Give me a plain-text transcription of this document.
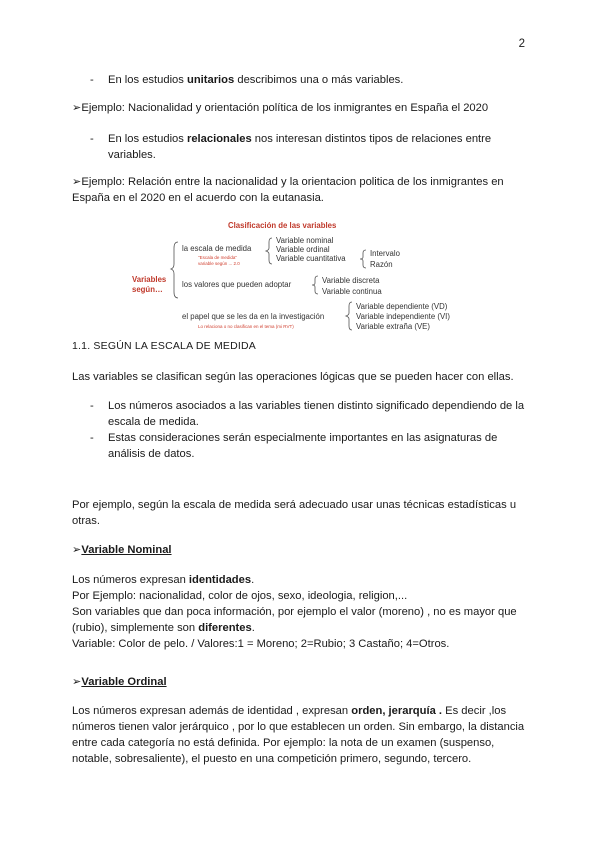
2
- En los estudios unitarios describimos una o más variables.
➢Ejemplo: Nacionalidad y orientación política de los inmigrantes en España el 2020
- En los estudios relacionales nos interesan distintos tipos de relaciones entre
variables.
➢Ejemplo: Relación entre la nacionalidad y la orientacion politica de los inmigrantes en
España en el 2020 en el acuerdo con la eutanasia.
Clasificación de las variables
Variables
según…
la escala de medida
"Escala de medida"
variable según ... 2.0
Variable nominal
Variable ordinal
Variable cuantitativa
Intervalo
Razón
los valores que pueden adoptar	Variable discreta
Variable continua
el papel que se les da en la investigación
Lo relaciona o no clasifican en el tema (mi RVT)
Variable dependiente (VD)
Variable independiente (VI)
Variable extraña (VE)
1.1. SEGÚN LA ESCALA DE MEDIDA
Las variables se clasifican según las operaciones lógicas que se pueden hacer con ellas.
- Los números asociados a las variables tienen distinto significado dependiendo de la
escala de medida.
- Estas consideraciones serán especialmente importantes en las asignaturas de
análisis de datos.
Por ejemplo, según la escala de medida será adecuado usar unas técnicas estadísticas u
otras.
➢Variable Nominal
Los números expresan identidades.
Por Ejemplo: nacionalidad, color de ojos, sexo, ideologia, religion,...
Son variables que dan poca información, por ejemplo el valor (moreno) , no es mayor que
(rubio), simplemente son diferentes.
Variable: Color de pelo. / Valores:1 = Moreno; 2=Rubio; 3 Castaño; 4=Otros.
➢Variable Ordinal
Los números expresan además de identidad , expresan orden, jerarquía . Es decir ,los
números tienen valor jerárquico , por lo que establecen un orden. Sin embargo, la distancia
entre cada categoría no está definida. Por ejemplo: la nota de un examen (suspenso,
notable, sobresaliente), el puesto en una competición primero, segundo, tercero.
